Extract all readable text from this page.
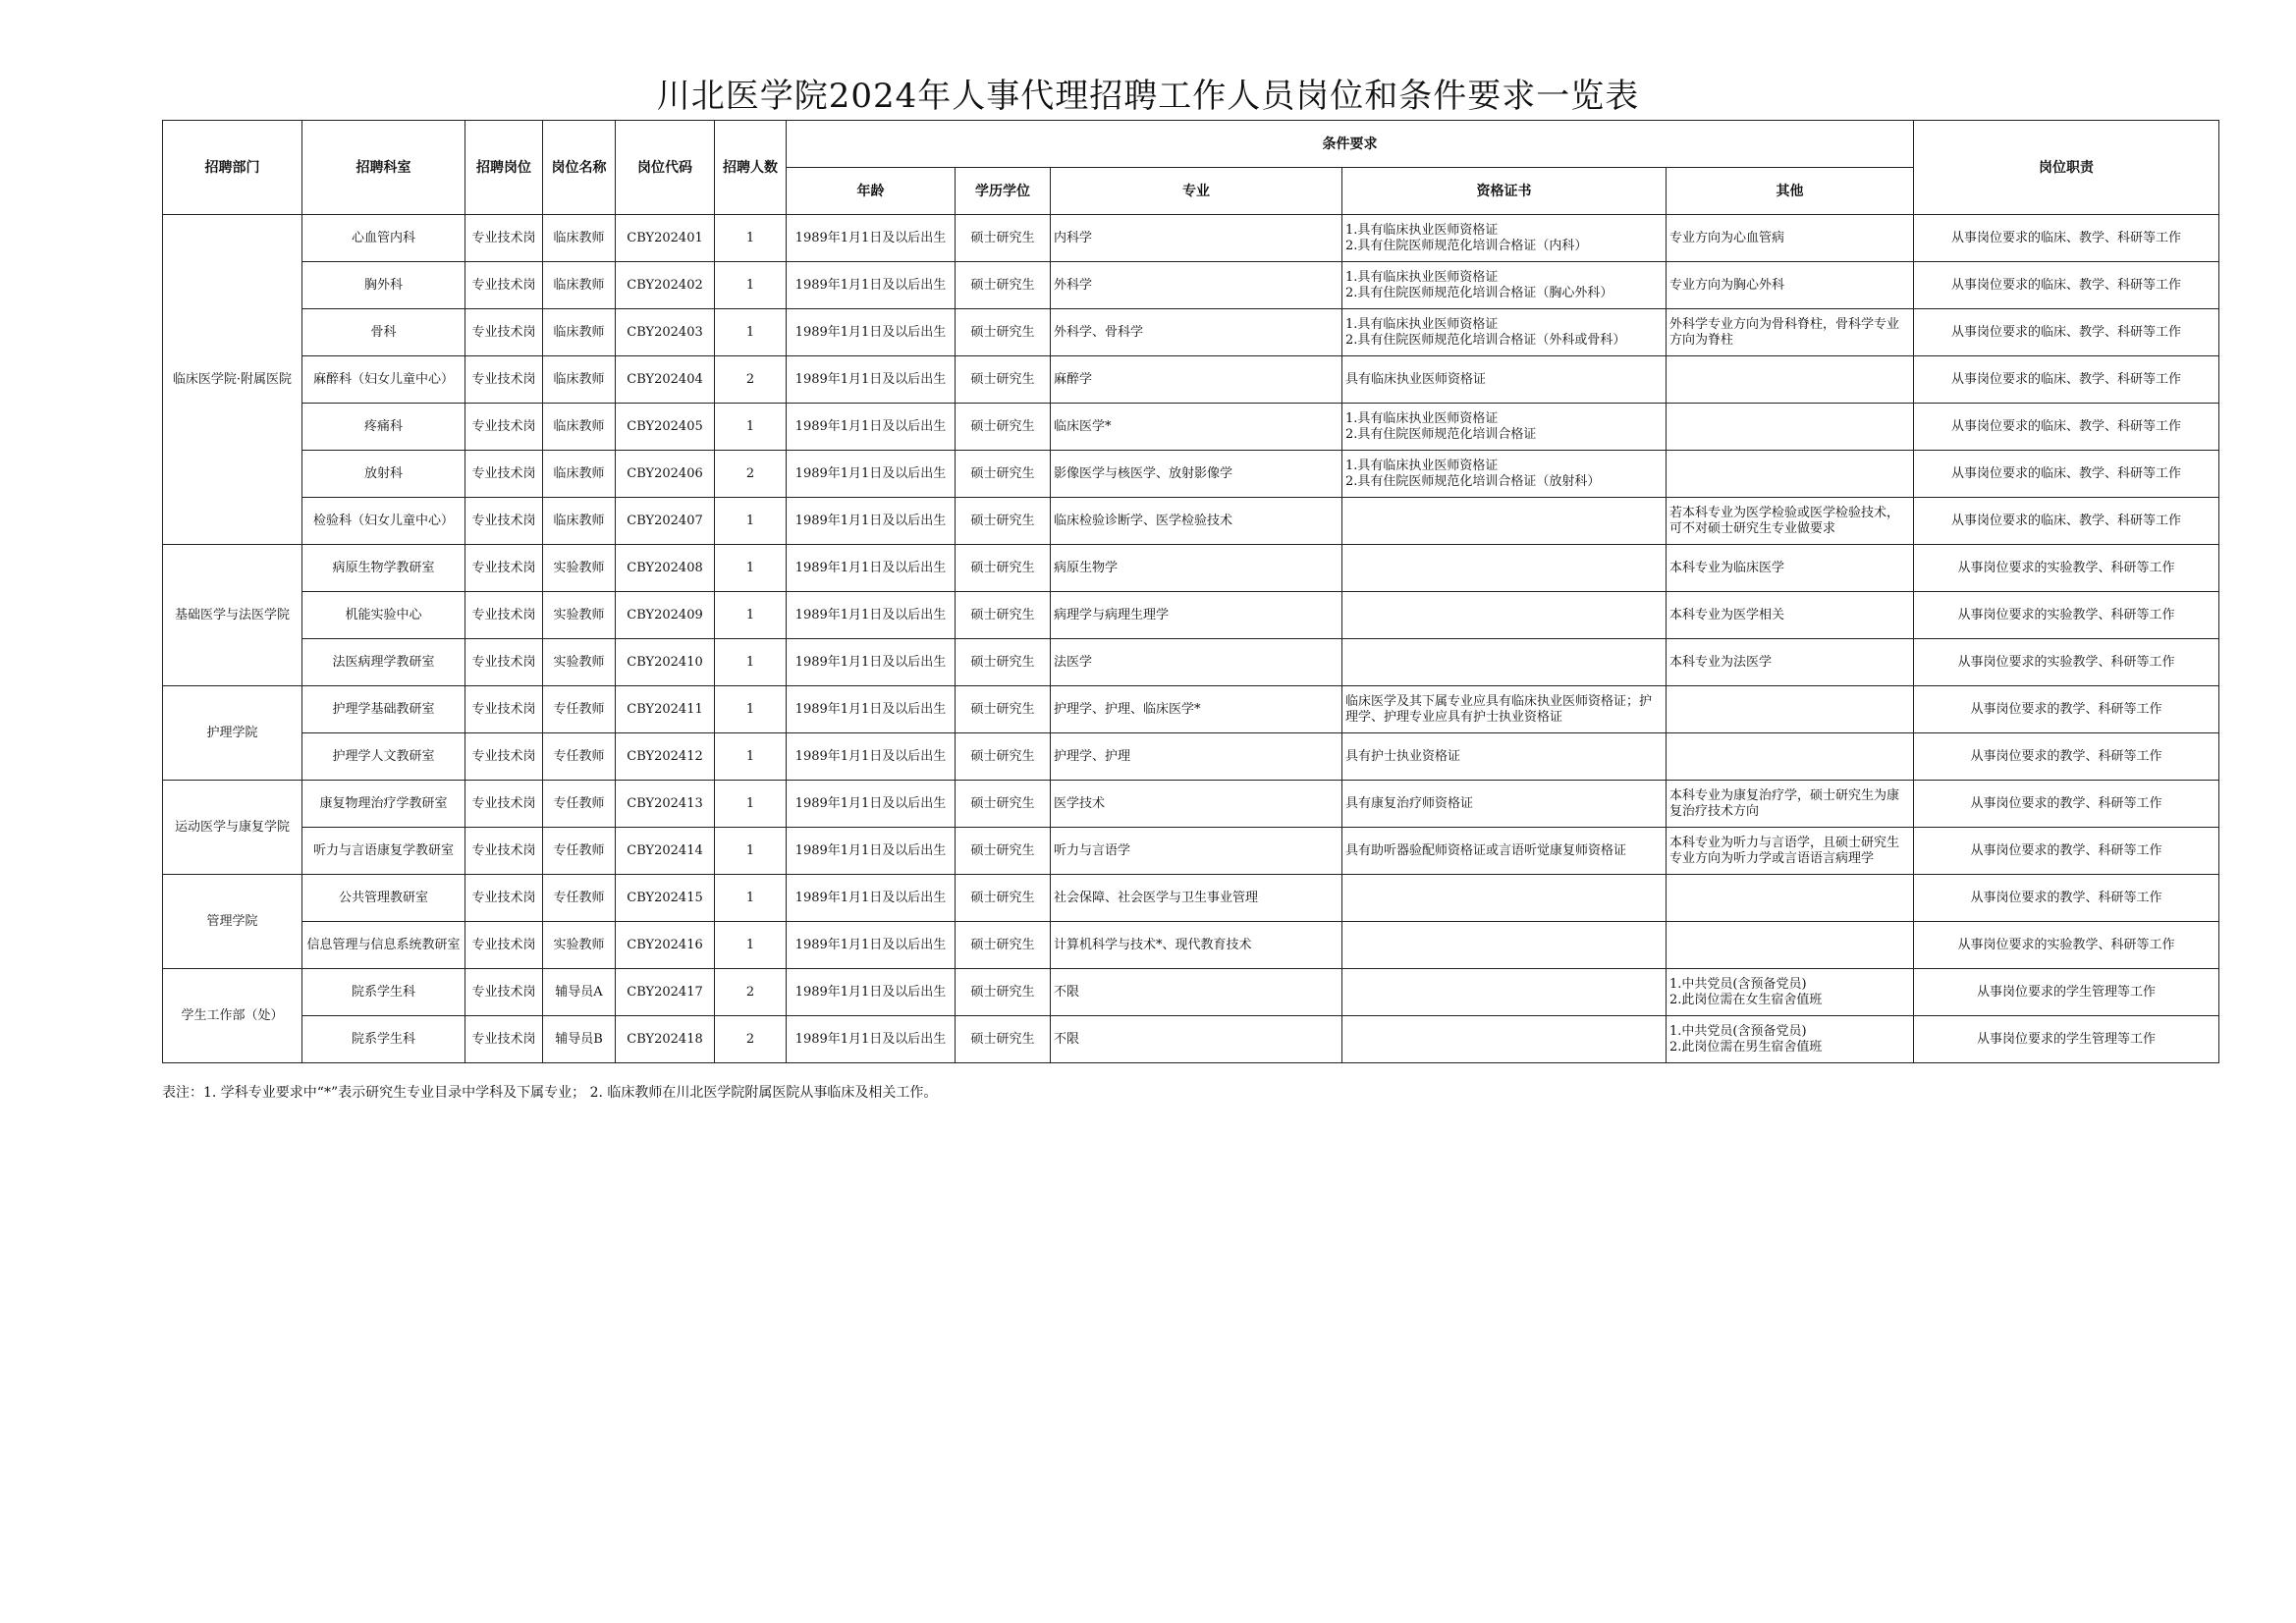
川北医学院2024年人事代理招聘工作人员岗位和条件要求一览表
招聘部门	招聘科室	招聘岗位	岗位名称	岗位代码	招聘人数	条件要求					岗位职责
						年龄	学历学位	专业	资格证书	其他	
临床医学院·附属医院	心血管内科	专业技术岗	临床教师	CBY202401	1	1989年1月1日及以后出生	硕士研究生	内科学	1.具有临床执业医师资格证
2.具有住院医师规范化培训合格证（内科）	专业方向为心血管病	从事岗位要求的临床、教学、科研等工作
	胸外科	专业技术岗	临床教师	CBY202402	1	1989年1月1日及以后出生	硕士研究生	外科学	1.具有临床执业医师资格证
2.具有住院医师规范化培训合格证（胸心外科）	专业方向为胸心外科	从事岗位要求的临床、教学、科研等工作
	骨科	专业技术岗	临床教师	CBY202403	1	1989年1月1日及以后出生	硕士研究生	外科学、骨科学	1.具有临床执业医师资格证
2.具有住院医师规范化培训合格证（外科或骨科）	外科学专业方向为骨科脊柱，骨科学专业方向为脊柱	从事岗位要求的临床、教学、科研等工作
	麻醉科（妇女儿童中心）	专业技术岗	临床教师	CBY202404	2	1989年1月1日及以后出生	硕士研究生	麻醉学	具有临床执业医师资格证		从事岗位要求的临床、教学、科研等工作
	疼痛科	专业技术岗	临床教师	CBY202405	1	1989年1月1日及以后出生	硕士研究生	临床医学*	1.具有临床执业医师资格证
2.具有住院医师规范化培训合格证		从事岗位要求的临床、教学、科研等工作
	放射科	专业技术岗	临床教师	CBY202406	2	1989年1月1日及以后出生	硕士研究生	影像医学与核医学、放射影像学	1.具有临床执业医师资格证
2.具有住院医师规范化培训合格证（放射科）		从事岗位要求的临床、教学、科研等工作
	检验科（妇女儿童中心）	专业技术岗	临床教师	CBY202407	1	1989年1月1日及以后出生	硕士研究生	临床检验诊断学、医学检验技术		若本科专业为医学检验或医学检验技术，可不对硕士研究生专业做要求	从事岗位要求的临床、教学、科研等工作
基础医学与法医学院	病原生物学教研室	专业技术岗	实验教师	CBY202408	1	1989年1月1日及以后出生	硕士研究生	病原生物学		本科专业为临床医学	从事岗位要求的实验教学、科研等工作
	机能实验中心	专业技术岗	实验教师	CBY202409	1	1989年1月1日及以后出生	硕士研究生	病理学与病理生理学		本科专业为医学相关	从事岗位要求的实验教学、科研等工作
	法医病理学教研室	专业技术岗	实验教师	CBY202410	1	1989年1月1日及以后出生	硕士研究生	法医学		本科专业为法医学	从事岗位要求的实验教学、科研等工作
护理学院	护理学基础教研室	专业技术岗	专任教师	CBY202411	1	1989年1月1日及以后出生	硕士研究生	护理学、护理、临床医学*	临床医学及其下属专业应具有临床执业医师资格证；护理学、护理专业应具有护士执业资格证		从事岗位要求的教学、科研等工作
	护理学人文教研室	专业技术岗	专任教师	CBY202412	1	1989年1月1日及以后出生	硕士研究生	护理学、护理	具有护士执业资格证		从事岗位要求的教学、科研等工作
运动医学与康复学院	康复物理治疗学教研室	专业技术岗	专任教师	CBY202413	1	1989年1月1日及以后出生	硕士研究生	医学技术	具有康复治疗师资格证	本科专业为康复治疗学，硕士研究生为康复治疗技术方向	从事岗位要求的教学、科研等工作
	听力与言语康复学教研室	专业技术岗	专任教师	CBY202414	1	1989年1月1日及以后出生	硕士研究生	听力与言语学	具有助听器验配师资格证或言语听觉康复师资格证	本科专业为听力与言语学，且硕士研究生专业方向为听力学或言语语言病理学	从事岗位要求的教学、科研等工作
管理学院	公共管理教研室	专业技术岗	专任教师	CBY202415	1	1989年1月1日及以后出生	硕士研究生	社会保障、社会医学与卫生事业管理			从事岗位要求的教学、科研等工作
	信息管理与信息系统教研室	专业技术岗	实验教师	CBY202416	1	1989年1月1日及以后出生	硕士研究生	计算机科学与技术*、现代教育技术			从事岗位要求的实验教学、科研等工作
学生工作部（处）	院系学生科	专业技术岗	辅导员A	CBY202417	2	1989年1月1日及以后出生	硕士研究生	不限		1.中共党员(含预备党员)
2.此岗位需在女生宿舍值班	从事岗位要求的学生管理等工作
	院系学生科	专业技术岗	辅导员B	CBY202418	2	1989年1月1日及以后出生	硕士研究生	不限		1.中共党员(含预备党员)
2.此岗位需在男生宿舍值班	从事岗位要求的学生管理等工作
表注：1. 学科专业要求中“*”表示研究生专业目录中学科及下属专业； 2. 临床教师在川北医学院附属医院从事临床及相关工作。
